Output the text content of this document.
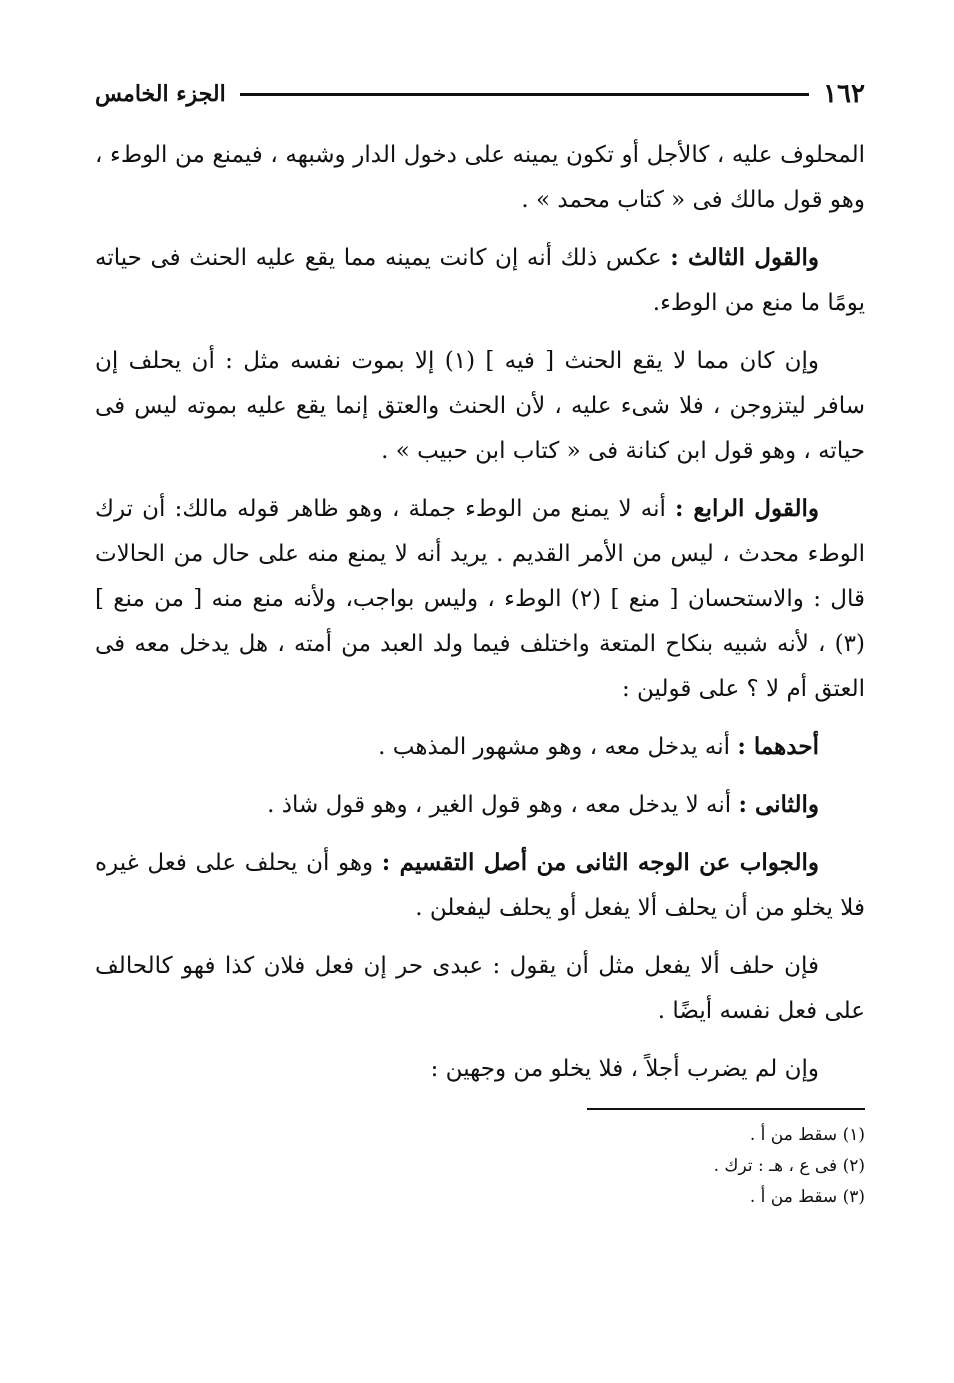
١٦٢
الجزء الخامس

المحلوف عليه ، كالأجل أو تكون يمينه على دخول الدار وشبهه ، فيمنع من الوطء ، وهو قول مالك فى « كتاب محمد » .

والقول الثالث : عكس ذلك أنه إن كانت يمينه مما يقع عليه الحنث فى حياته يومًا ما منع من الوطء.

وإن كان مما لا يقع الحنث [ فيه ] (١) إلا بموت نفسه مثل : أن يحلف إن سافر ليتزوجن ، فلا شىء عليه ، لأن الحنث والعتق إنما يقع عليه بموته ليس فى حياته ، وهو قول ابن كنانة فى « كتاب ابن حبيب » .

والقول الرابع : أنه لا يمنع من الوطء جملة ، وهو ظاهر قوله مالك: أن ترك الوطء محدث ، ليس من الأمر القديم . يريد أنه لا يمنع منه على حال من الحالات قال : والاستحسان [ منع ] (٢) الوطء ، وليس بواجب، ولأنه منع منه [ من منع ] (٣) ، لأنه شبيه بنكاح المتعة واختلف فيما ولد العبد من أمته ، هل يدخل معه فى العتق أم لا ؟ على قولين :

أحدهما : أنه يدخل معه ، وهو مشهور المذهب .

والثانى : أنه لا يدخل معه ، وهو قول الغير ، وهو قول شاذ .

والجواب عن الوجه الثانى من أصل التقسيم : وهو أن يحلف على فعل غيره فلا يخلو من أن يحلف ألا يفعل أو يحلف ليفعلن .

فإن حلف ألا يفعل مثل أن يقول : عبدى حر إن فعل فلان كذا فهو كالحالف على فعل نفسه أيضًا .

وإن لم يضرب أجلاً ، فلا يخلو من وجهين :

(١) سقط من أ .

(٢) فى ع ، هـ : ترك .

(٣) سقط من أ .
